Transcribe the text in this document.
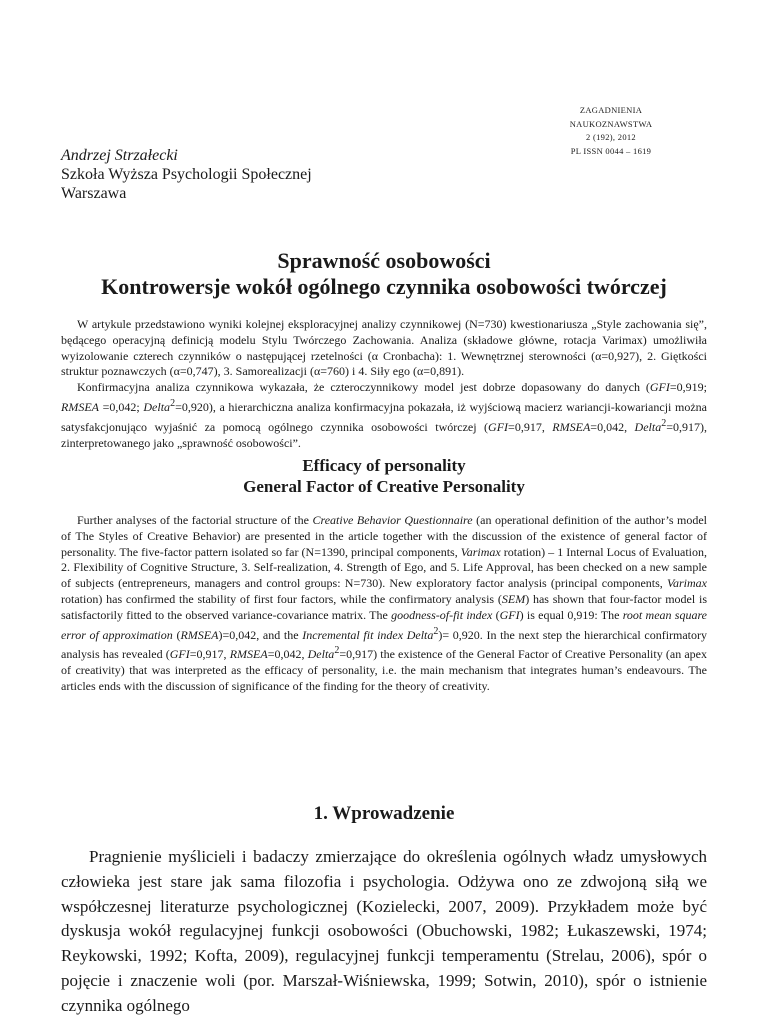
ZAGADNIENIA
NAUKOZNAWSTWA
2 (192), 2012
PL ISSN 0044 – 1619
Andrzej Strzałecki
Szkoła Wyższa Psychologii Społecznej
Warszawa
Sprawność osobowości
Kontrowersje wokół ogólnego czynnika osobowości twórczej

W artykule przedstawiono wyniki kolejnej eksploracyjnej analizy czynnikowej (N=730) kwestionariusza „Style zachowania się”, będącego operacyjną definicją modelu Stylu Twórczego Zachowania. Analiza (składowe główne, rotacja Varimax) umożliwiła wyizolowanie czterech czynników o następującej rzetelności (α Cronbacha): 1. Wewnętrznej sterowności (α=0,927), 2. Giętkości struktur poznawczych (α=0,747), 3. Samorealizacji (α=760) i 4. Siły ego (α=0,891).

Konfirmacyjna analiza czynnikowa wykazała, że czteroczynnikowy model jest dobrze dopasowany do danych (GFI=0,919; RMSEA =0,042; Delta$^2$=0,920), a hierarchiczna analiza konfirmacyjna pokazała, iż wyjściową macierz wariancji-kowariancji można satysfakcjonująco wyjaśnić za pomocą ogólnego czynnika osobowości twórczej (GFI=0,917, RMSEA=0,042, Delta$^2$=0,917), zinterpretowanego jako „sprawność osobowości”.

Efficacy of personality
General Factor of Creative Personality

Further analyses of the factorial structure of the Creative Behavior Questionnaire (an operational definition of the author’s model of The Styles of Creative Behavior) are presented in the article together with the discussion of the existence of general factor of personality. The five-factor pattern isolated so far (N=1390, principal components, Varimax rotation) – 1 Internal Locus of Evaluation, 2. Flexibility of Cognitive Structure, 3. Self-realization, 4. Strength of Ego, and 5. Life Approval, has been checked on a new sample of subjects (entrepreneurs, managers and control groups: N=730). New exploratory factor analysis (principal components, Varimax rotation) has confirmed the stability of first four factors, while the confirmatory analysis (SEM) has shown that four-factor model is satisfactorily fitted to the observed variance-covariance matrix. The goodness-of-fit index (GFI) is equal 0,919: The root mean square error of approximation (RMSEA)=0,042, and the Incremental fit index Delta$^2$)= 0,920. In the next step the hierarchical confirmatory analysis has revealed (GFI=0,917, RMSEA=0,042, Delta$^2$=0,917) the existence of the General Factor of Creative Personality (an apex of creativity) that was interpreted as the efficacy of personality, i.e. the main mechanism that integrates human’s endeavours. The articles ends with the discussion of significance of the finding for the theory of creativity.

1. Wprowadzenie

Pragnienie myślicieli i badaczy zmierzające do określenia ogólnych władz umysłowych człowieka jest stare jak sama filozofia i psychologia. Odżywa ono ze zdwojoną siłą we współczesnej literaturze psychologicznej (Kozielecki, 2007, 2009). Przykładem może być dyskusja wokół regulacyjnej funkcji osobowości (Obuchowski, 1982; Łukaszewski, 1974; Reykowski, 1992; Kofta, 2009), regulacyjnej funkcji temperamentu (Strelau, 2006), spór o pojęcie i znaczenie woli (por. Marszał-Wiśniewska, 1999; Sotwin, 2010), spór o istnienie czynnika ogólnego
